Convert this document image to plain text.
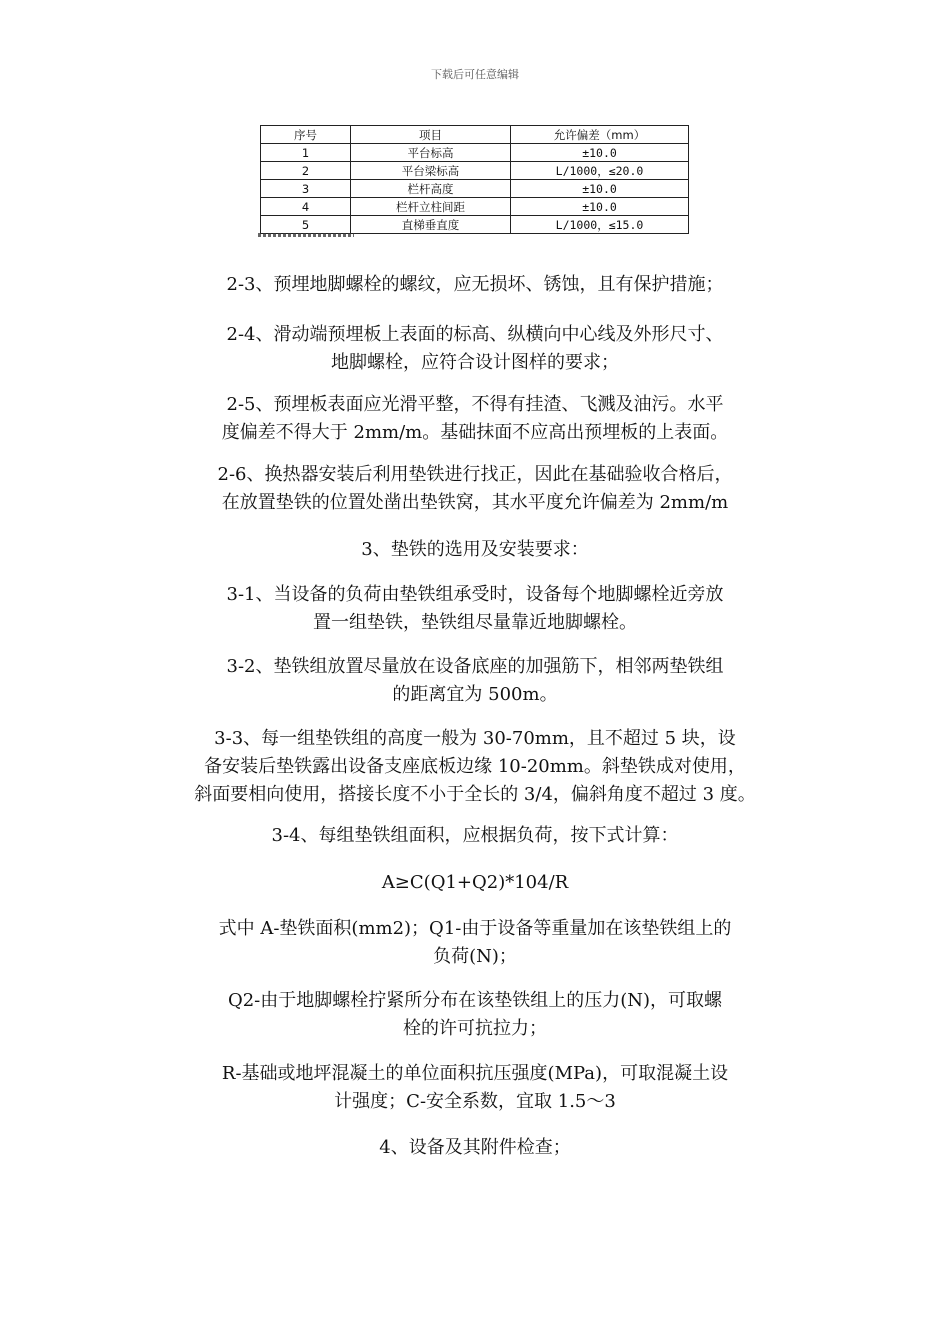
下载后可任意编辑
序号	项目	允许偏差（mm）
1	平台标高	±10.0
2	平台梁标高	L/1000，≤20.0
3	栏杆高度	±10.0
4	栏杆立柱间距	±10.0
5	直梯垂直度	L/1000，≤15.0

2-3、预埋地脚螺栓的螺纹，应无损坏、锈蚀，且有保护措施；

2-4、滑动端预埋板上表面的标高、纵横向中心线及外形尺寸、
地脚螺栓，应符合设计图样的要求；

2-5、预埋板表面应光滑平整，不得有挂渣、飞溅及油污。水平
度偏差不得大于 2mm/m。基础抹面不应高出预埋板的上表面。

2-6、换热器安装后利用垫铁进行找正，因此在基础验收合格后，
在放置垫铁的位置处凿出垫铁窝，其水平度允许偏差为 2mm/m

3、垫铁的选用及安装要求：

3-1、当设备的负荷由垫铁组承受时，设备每个地脚螺栓近旁放
置一组垫铁，垫铁组尽量靠近地脚螺栓。

3-2、垫铁组放置尽量放在设备底座的加强筋下，相邻两垫铁组
的距离宜为 500m。

3-3、每一组垫铁组的高度一般为 30-70mm，且不超过 5 块，设
备安装后垫铁露出设备支座底板边缘 10-20mm。斜垫铁成对使用，
斜面要相向使用，搭接长度不小于全长的 3/4，偏斜角度不超过 3 度。

3-4、每组垫铁组面积，应根据负荷，按下式计算：

A≥C(Q1+Q2)*104/R

式中 A-垫铁面积(mm2)；Q1-由于设备等重量加在该垫铁组上的
负荷(N)；

Q2-由于地脚螺栓拧紧所分布在该垫铁组上的压力(N)，可取螺
栓的许可抗拉力；

R-基础或地坪混凝土的单位面积抗压强度(MPa)，可取混凝土设
计强度；C-安全系数，宜取 1.5～3

4、设备及其附件检查；
